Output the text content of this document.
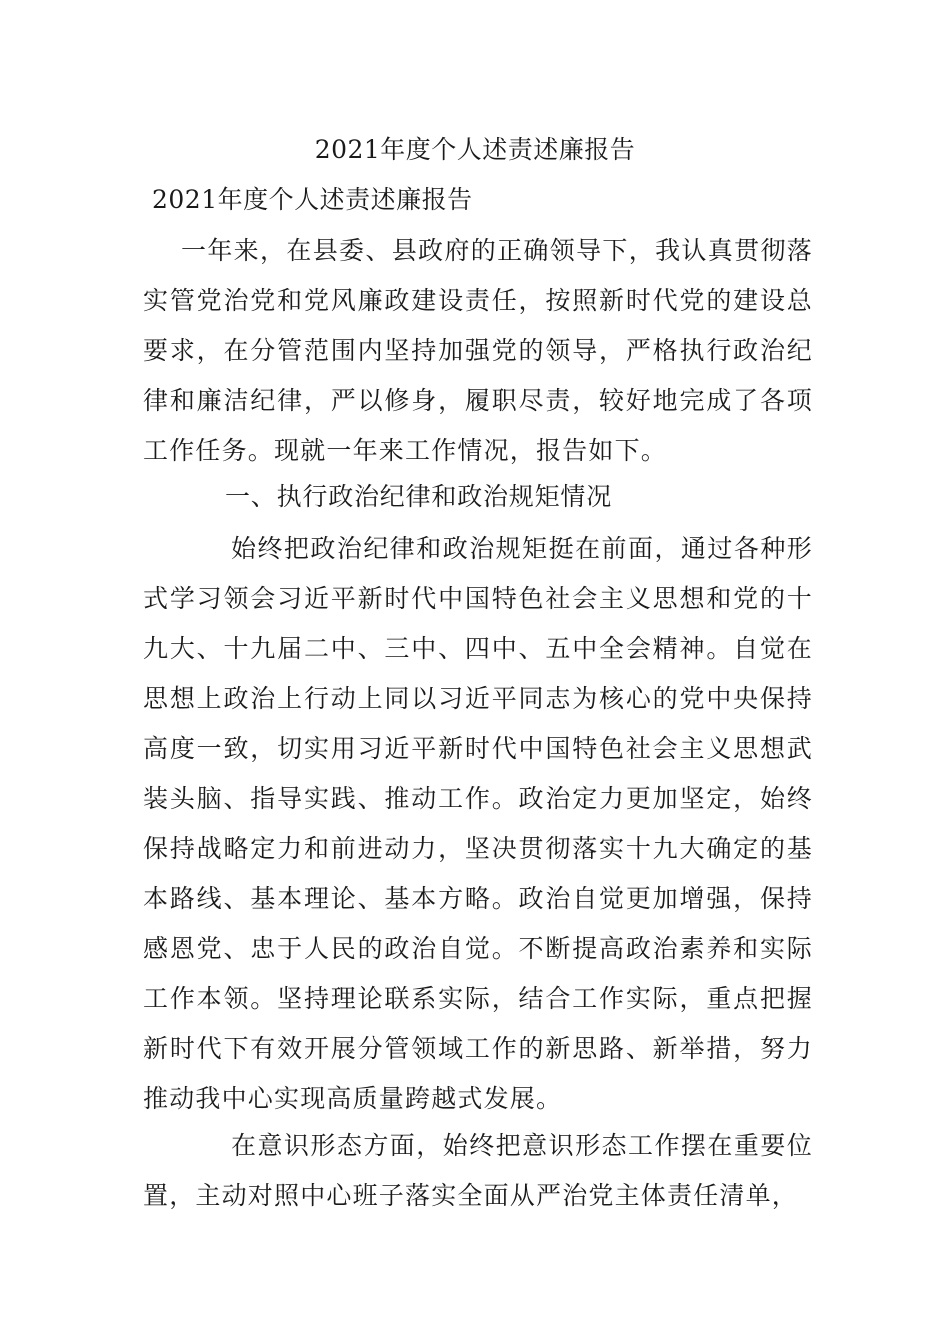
2021年度个人述责述廉报告
2021年度个人述责述廉报告

一年来，在县委、县政府的正确领导下，我认真贯彻落实管党治党和党风廉政建设责任，按照新时代党的建设总要求，在分管范围内坚持加强党的领导，严格执行政治纪律和廉洁纪律，严以修身，履职尽责，较好地完成了各项工作任务。现就一年来工作情况，报告如下。

一、执行政治纪律和政治规矩情况

始终把政治纪律和政治规矩挺在前面，通过各种形式学习领会习近平新时代中国特色社会主义思想和党的十九大、十九届二中、三中、四中、五中全会精神。自觉在思想上政治上行动上同以习近平同志为核心的党中央保持高度一致，切实用习近平新时代中国特色社会主义思想武装头脑、指导实践、推动工作。政治定力更加坚定，始终保持战略定力和前进动力，坚决贯彻落实十九大确定的基本路线、基本理论、基本方略。政治自觉更加增强，保持感恩党、忠于人民的政治自觉。不断提高政治素养和实际工作本领。坚持理论联系实际，结合工作实际，重点把握新时代下有效开展分管领域工作的新思路、新举措，努力推动我中心实现高质量跨越式发展。

在意识形态方面，始终把意识形态工作摆在重要位置，主动对照中心班子落实全面从严治党主体责任清单，
